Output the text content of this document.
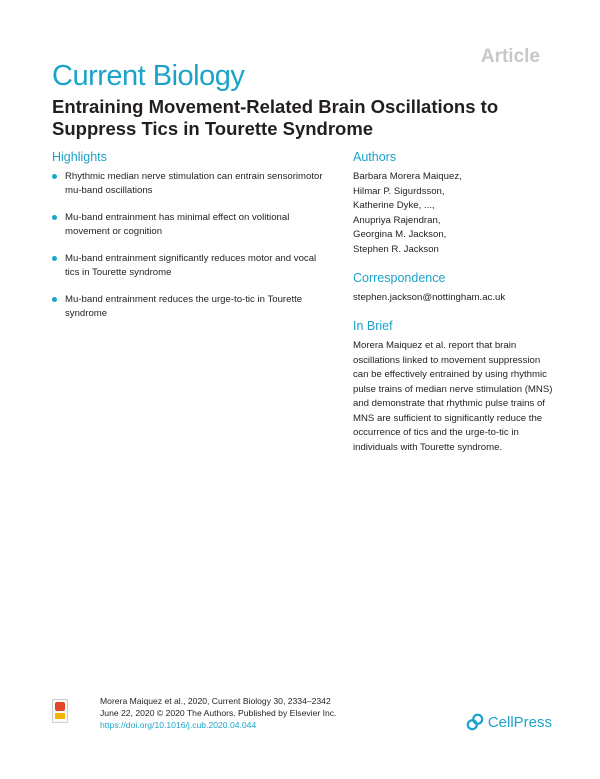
Article
Current Biology
Entraining Movement-Related Brain Oscillations to Suppress Tics in Tourette Syndrome
Highlights
Rhythmic median nerve stimulation can entrain sensorimotor mu-band oscillations
Mu-band entrainment has minimal effect on volitional movement or cognition
Mu-band entrainment significantly reduces motor and vocal tics in Tourette syndrome
Mu-band entrainment reduces the urge-to-tic in Tourette syndrome
Authors
Barbara Morera Maiquez,
Hilmar P. Sigurdsson,
Katherine Dyke, ...,
Anupriya Rajendran,
Georgina M. Jackson,
Stephen R. Jackson
Correspondence
stephen.jackson@nottingham.ac.uk
In Brief
Morera Maiquez et al. report that brain oscillations linked to movement suppression can be effectively entrained by using rhythmic pulse trains of median nerve stimulation (MNS) and demonstrate that rhythmic pulse trains of MNS are sufficient to significantly reduce the occurrence of tics and the urge-to-tic in individuals with Tourette syndrome.
Morera Maiquez et al., 2020, Current Biology 30, 2334–2342
June 22, 2020 © 2020 The Authors. Published by Elsevier Inc.
https://doi.org/10.1016/j.cub.2020.04.044	CellPress
